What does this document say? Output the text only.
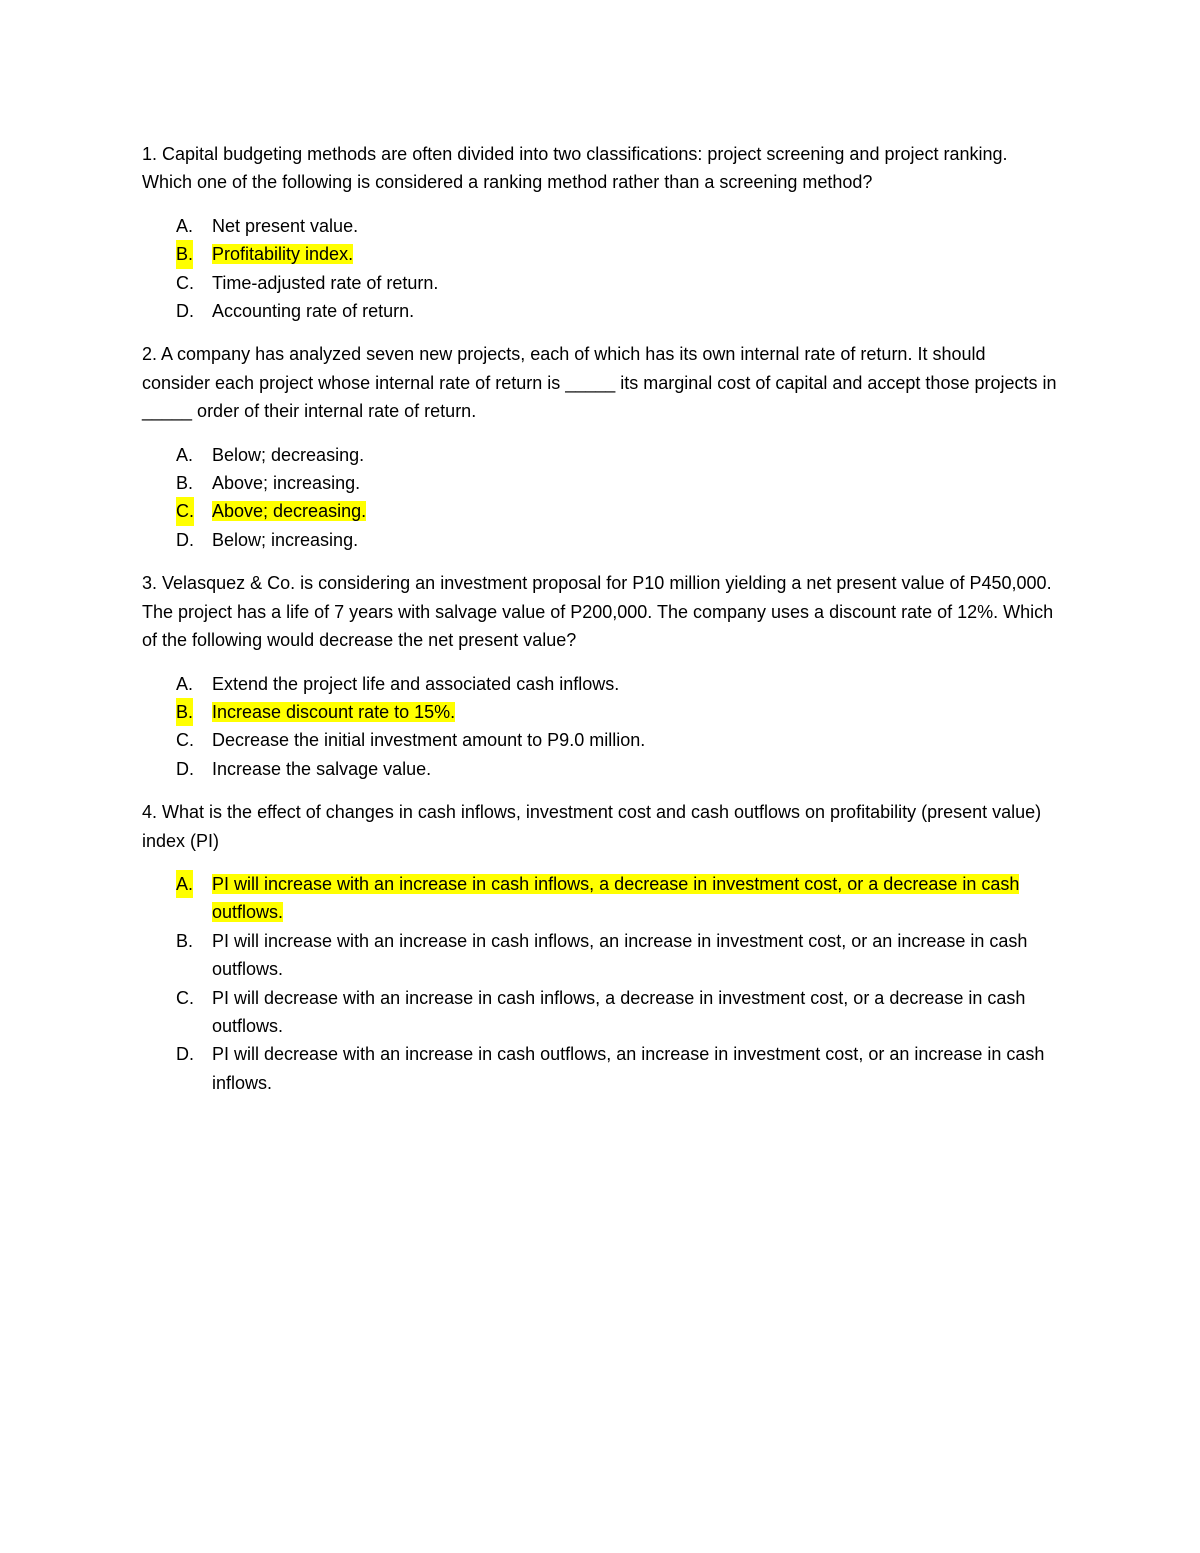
1. Capital budgeting methods are often divided into two classifications: project screening and project ranking. Which one of the following is considered a ranking method rather than a screening method?

A. Net present value.
B. Profitability index.
C. Time-adjusted rate of return.
D. Accounting rate of return.

2. A company has analyzed seven new projects, each of which has its own internal rate of return. It should consider each project whose internal rate of return is _____ its marginal cost of capital and accept those projects in _____ order of their internal rate of return.

A. Below; decreasing.
B. Above; increasing.
C. Above; decreasing.
D. Below; increasing.

3. Velasquez & Co. is considering an investment proposal for P10 million yielding a net present value of P450,000. The project has a life of 7 years with salvage value of P200,000. The company uses a discount rate of 12%. Which of the following would decrease the net present value?

A. Extend the project life and associated cash inflows.
B. Increase discount rate to 15%.
C. Decrease the initial investment amount to P9.0 million.
D. Increase the salvage value.

4. What is the effect of changes in cash inflows, investment cost and cash outflows on profitability (present value) index (PI)

A. PI will increase with an increase in cash inflows, a decrease in investment cost, or a decrease in cash outflows.
B. PI will increase with an increase in cash inflows, an increase in investment cost, or an increase in cash outflows.
C. PI will decrease with an increase in cash inflows, a decrease in investment cost, or a decrease in cash outflows.
D. PI will decrease with an increase in cash outflows, an increase in investment cost, or an increase in cash inflows.
